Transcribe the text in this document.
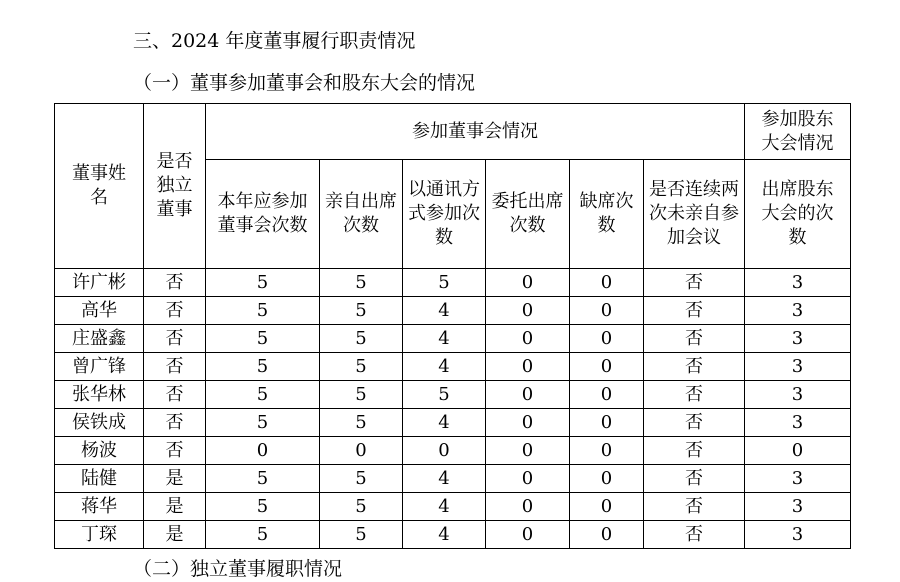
三、2024 年度董事履行职责情况
（一）董事参加董事会和股东大会的情况
董事姓名	是否独立董事	参加董事会情况						参加股东大会情况
		本年应参加董事会次数	亲自出席次数	以通讯方式参加次数	委托出席次数	缺席次数	是否连续两次未亲自参加会议	出席股东大会的次数
许广彬	否	5	5	5	0	0	否	3
高华	否	5	5	4	0	0	否	3
庄盛鑫	否	5	5	4	0	0	否	3
曾广锋	否	5	5	4	0	0	否	3
张华林	否	5	5	5	0	0	否	3
侯铁成	否	5	5	4	0	0	否	3
杨波	否	0	0	0	0	0	否	0
陆健	是	5	5	4	0	0	否	3
蒋华	是	5	5	4	0	0	否	3
丁琛	是	5	5	4	0	0	否	3
（二）独立董事履职情况
